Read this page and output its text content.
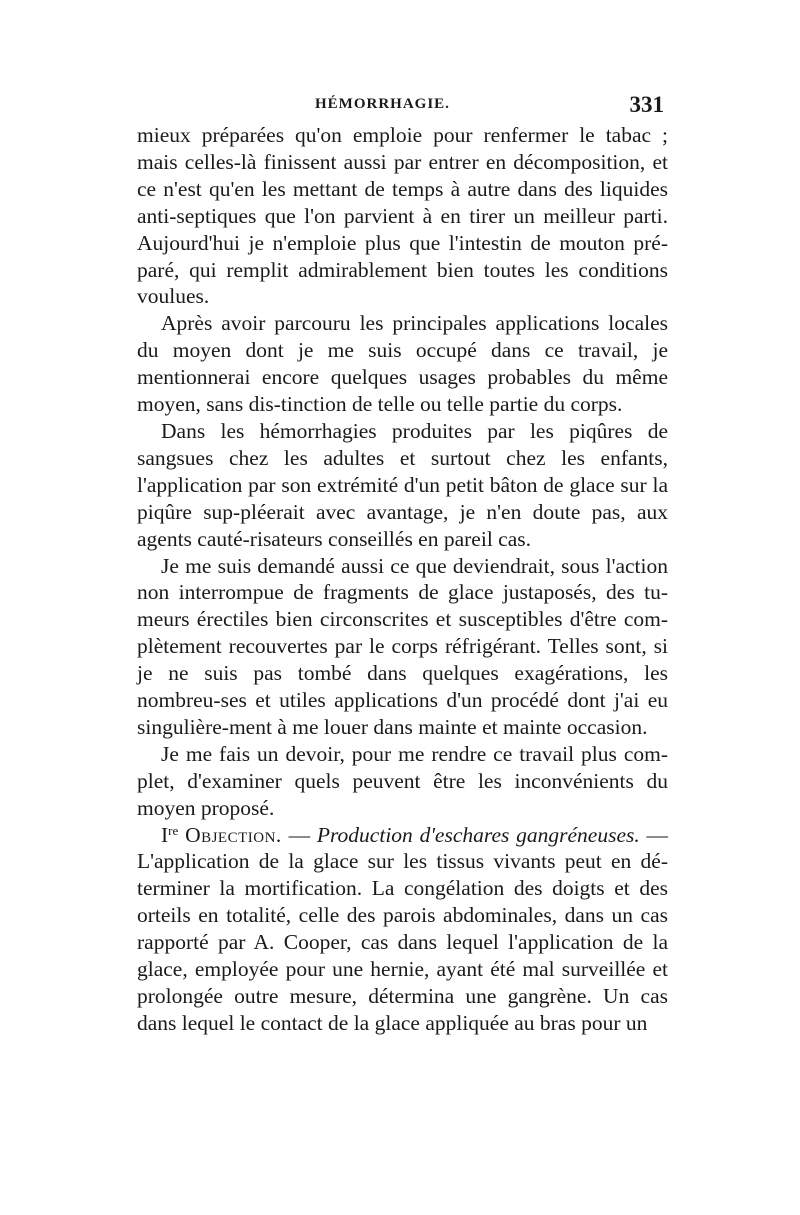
HÉMORRHAGIE.	331

mieux préparées qu'on emploie pour renfermer le tabac ; mais celles-là finissent aussi par entrer en décomposition, et ce n'est qu'en les mettant de temps à autre dans des liquides anti-septiques que l'on parvient à en tirer un meilleur parti. Aujourd'hui je n'emploie plus que l'intestin de mouton pré-paré, qui remplit admirablement bien toutes les conditions voulues.

Après avoir parcouru les principales applications locales du moyen dont je me suis occupé dans ce travail, je mentionnerai encore quelques usages probables du même moyen, sans dis-tinction de telle ou telle partie du corps.

Dans les hémorrhagies produites par les piqûres de sangsues chez les adultes et surtout chez les enfants, l'application par son extrémité d'un petit bâton de glace sur la piqûre sup-pléerait avec avantage, je n'en doute pas, aux agents cauté-risateurs conseillés en pareil cas.

Je me suis demandé aussi ce que deviendrait, sous l'action non interrompue de fragments de glace justaposés, des tu-meurs érectiles bien circonscrites et susceptibles d'être com-plètement recouvertes par le corps réfrigérant. Telles sont, si je ne suis pas tombé dans quelques exagérations, les nombreu-ses et utiles applications d'un procédé dont j'ai eu singulière-ment à me louer dans mainte et mainte occasion.

Je me fais un devoir, pour me rendre ce travail plus com-plet, d'examiner quels peuvent être les inconvénients du moyen proposé.

Ire Objection. — Production d'eschares gangréneuses. — L'application de la glace sur les tissus vivants peut en dé-terminer la mortification. La congélation des doigts et des orteils en totalité, celle des parois abdominales, dans un cas rapporté par A. Cooper, cas dans lequel l'application de la glace, employée pour une hernie, ayant été mal surveillée et prolongée outre mesure, détermina une gangrène. Un cas dans lequel le contact de la glace appliquée au bras pour un
